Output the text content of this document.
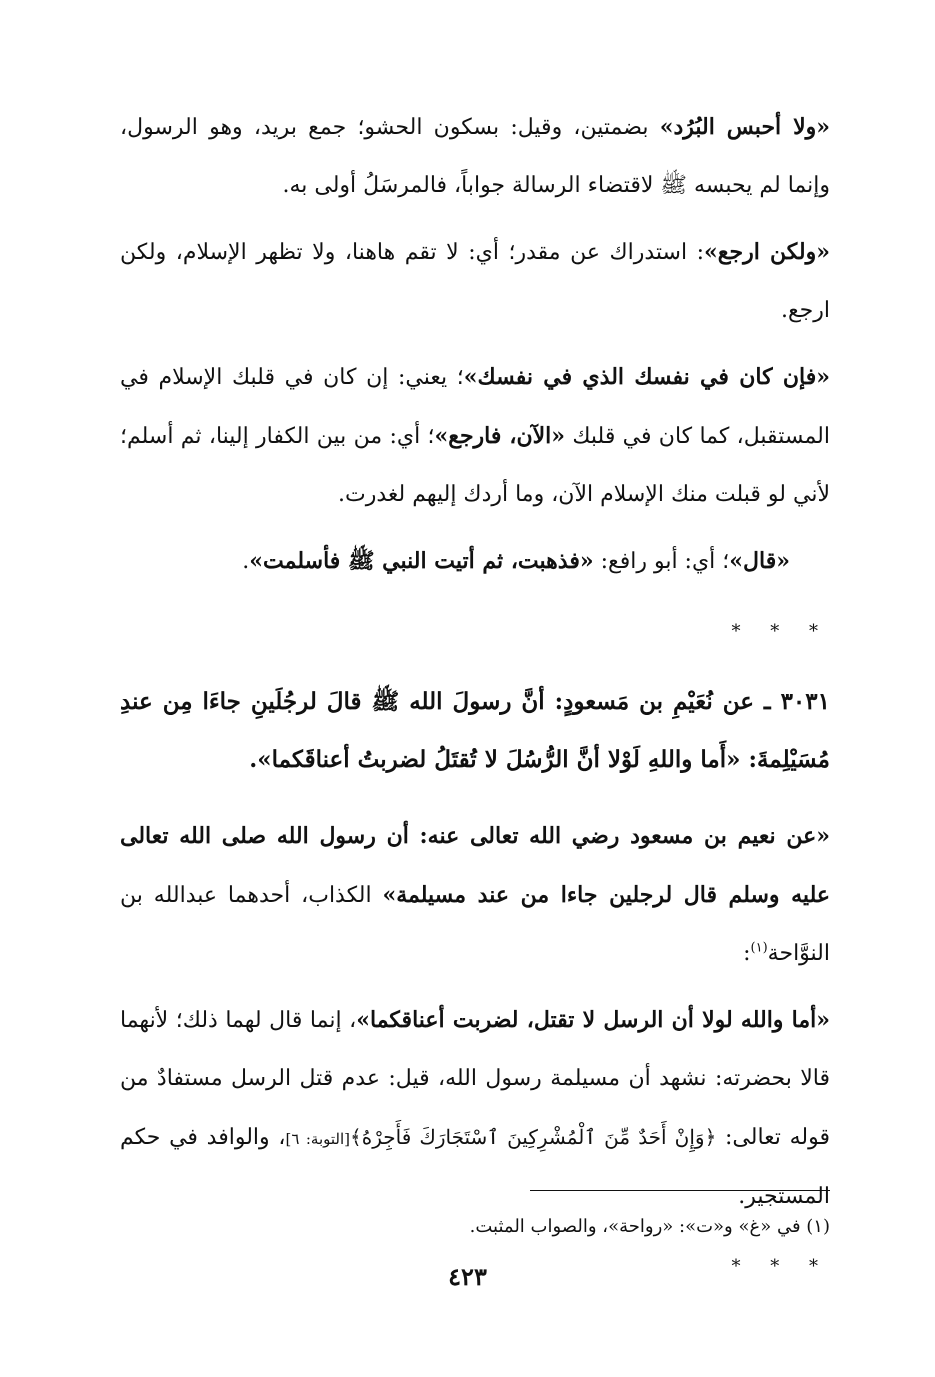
«ولا أحبس البُرُد» بضمتين، وقيل: بسكون الحشو؛ جمع بريد، وهو الرسول، وإنما لم يحبسه ﷺ لاقتضاء الرسالة جواباً، فالمرسَلُ أولى به.

«ولكن ارجع»: استدراك عن مقدر؛ أي: لا تقم هاهنا، ولا تظهر الإسلام، ولكن ارجع.

«فإن كان في نفسك الذي في نفسك»؛ يعني: إن كان في قلبك الإسلام في المستقبل، كما كان في قلبك «الآن، فارجع»؛ أي: من بين الكفار إلينا، ثم أسلم؛ لأني لو قبلت منك الإسلام الآن، وما أردك إليهم لغدرت.

«قال»؛ أي: أبو رافع: «فذهبت، ثم أتيت النبي ﷺ فأسلمت».

* * *

٣٠٣١ ـ عن نُعَيْمِ بن مَسعودٍ: أنَّ رسولَ الله ﷺ قالَ لرجُلَينِ جاءَا مِن عندِ مُسَيْلِمةَ: «أَما واللهِ لَوْلا أنَّ الرُّسُلَ لا تُقتَلُ لضربتُ أعناقَكما».

«عن نعيم بن مسعود رضي الله تعالى عنه: أن رسول الله صلى الله تعالى عليه وسلم قال لرجلين جاءا من عند مسيلمة» الكذاب، أحدهما عبدالله بن النوَّاحة$^{(١)}$:

«أما والله لولا أن الرسل لا تقتل، لضربت أعناقكما»، إنما قال لهما ذلك؛ لأنهما قالا بحضرته: نشهد أن مسيلمة رسول الله، قيل: عدم قتل الرسل مستفادٌ من قوله تعالى: ﴿وَإِنْ أَحَدٌ مِّنَ ٱلْمُشْرِكِينَ ٱسْتَجَارَكَ فَأَجِرْهُ﴾[التوبة: ٦]، والوافد في حكم المستجير.

* * *
(١) في «غ» و«ت»: «رواحة»، والصواب المثبت.
٤٢٣
